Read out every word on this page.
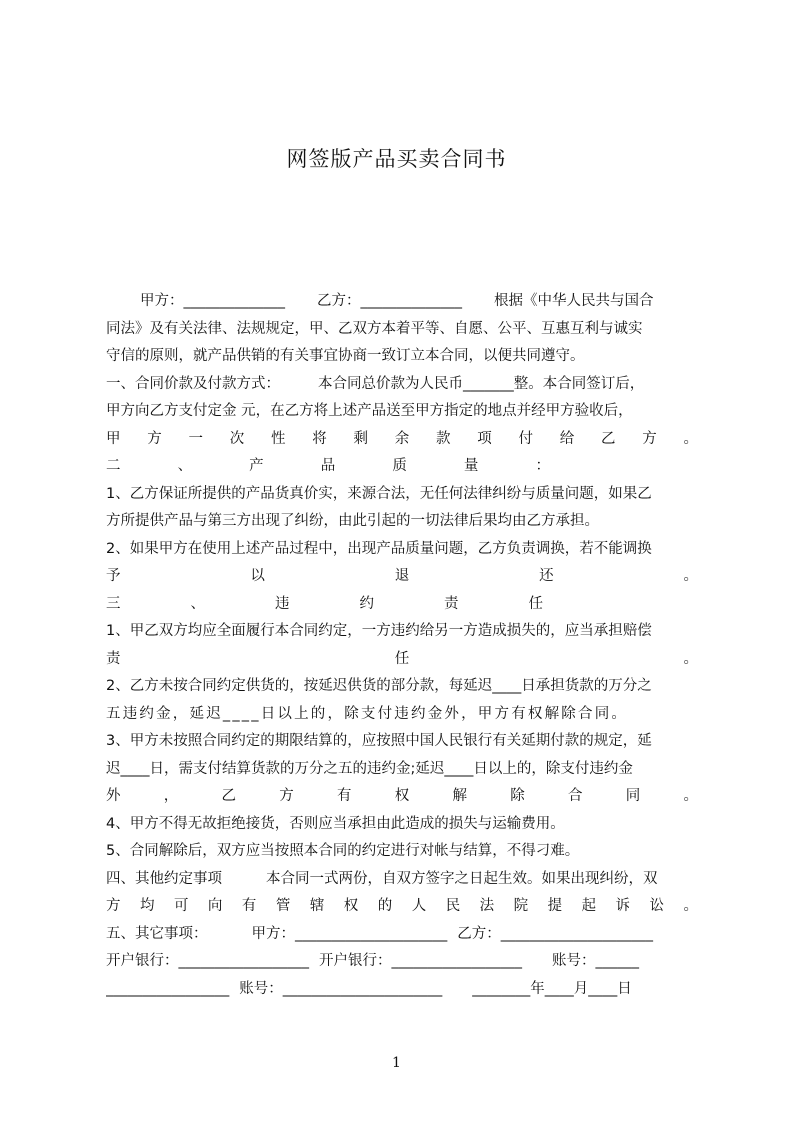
网签版产品买卖合同书
甲方：______________ 乙方：______________ 根据《中华人民共与国合
同法》及有关法律、法规规定，甲、乙双方本着平等、自愿、公平、互惠互利与诚实
守信的原则，就产品供销的有关事宜协商一致订立本合同，以便共同遵守。
一、合同价款及付款方式：	本合同总价款为人民币_______整。本合同签订后，
甲方向乙方支付定金 元，在乙方将上述产品送至甲方指定的地点并经甲方验收后，
甲 方 一 次 性 将 剩 余 款 项 付 给 乙 方 。
二	、	产	品	质	量	：
1、乙方保证所提供的产品货真价实，来源合法，无任何法律纠纷与质量问题，如果乙
方所提供产品与第三方出现了纠纷，由此引起的一切法律后果均由乙方承担。
2、如果甲方在使用上述产品过程中，出现产品质量问题，乙方负责调换，若不能调换
予	以	退	还	。
三	、	违	约	责	任
1、甲乙双方均应全面履行本合同约定，一方违约给另一方造成损失的，应当承担赔偿
责	任	。
2、乙方未按合同约定供货的，按延迟供货的部分款，每延迟____日承担货款的万分之
五违约金，延迟____日以上的，除支付违约金外，甲方有权解除合同。
3、甲方未按照合同约定的期限结算的，应按照中国人民银行有关延期付款的规定，延
迟____日，需支付结算货款的万分之五的违约金;延迟____日以上的，除支付违约金
外	，	乙	方	有	权	解	除	合	同	。
4、甲方不得无故拒绝接货，否则应当承担由此造成的损失与运输费用。
5、合同解除后，双方应当按照本合同的约定进行对帐与结算，不得刁难。
四、其他约定事项	本合同一式两份，自双方签字之日起生效。如果出现纠纷，双
方 均 可 向 有 管 辖 权 的 人 民 法 院 提 起 诉 讼 。
五、其它事项：	甲方：_____________________ 乙方：_____________________
开户银行：__________________ 开户银行：__________________ 账号：______
_________________ 账号：______________________ ________年____月____日
1
